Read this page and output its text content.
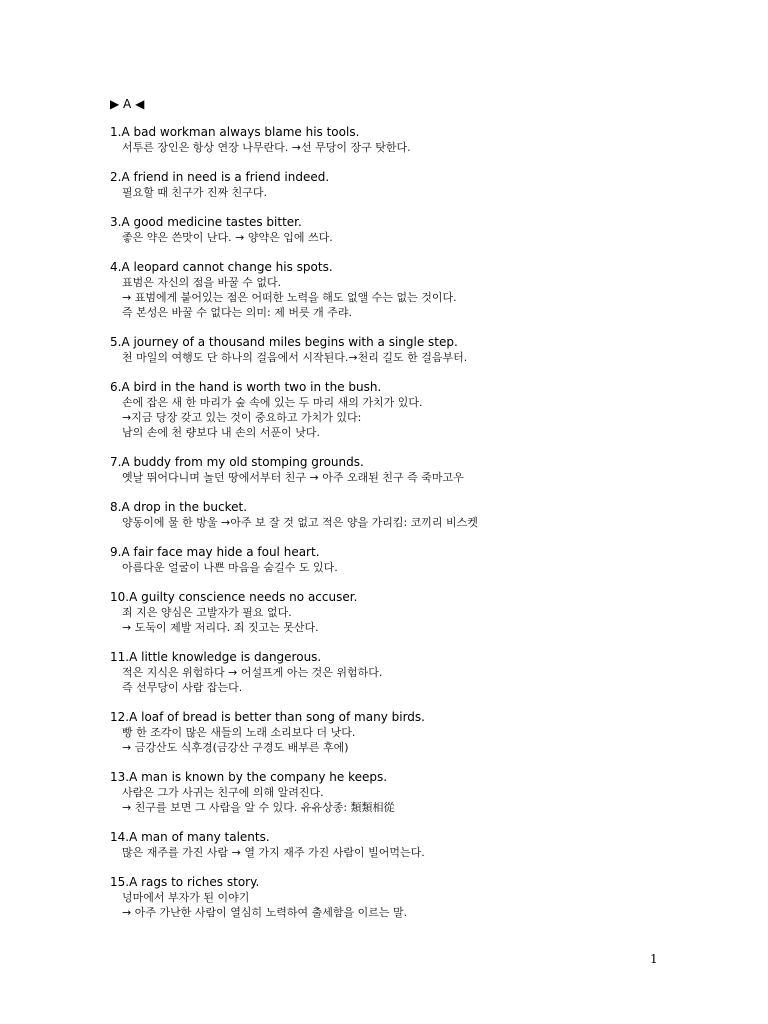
▶ A ◀
1.A bad workman always blame his tools.
서투른 장인은 항상 연장 나무란다. →선 무당이 장구 탓한다.
2.A friend in need is a friend indeed.
필요할 때 친구가 진짜 친구다.
3.A good medicine tastes bitter.
좋은 약은 쓴맛이 난다. → 양약은 입에 쓰다.
4.A leopard cannot change his spots.
표범은 자신의 점을 바꿀 수 없다.
→ 표범에게 붙어있는 점은 어떠한 노력을 해도 없앨 수는 없는 것이다.
즉 본성은 바꿀 수 없다는 의미: 제 버릇 개 주랴.
5.A journey of a thousand miles begins with a single step.
천 마일의 여행도 단 하나의 걸음에서 시작된다.→천리 길도 한 걸음부터.
6.A bird in the hand is worth two in the bush.
손에 잡은 새 한 마리가 숲 속에 있는 두 마리 새의 가치가 있다.
→지금 당장 갖고 있는 것이 중요하고 가치가 있다:
남의 손에 천 량보다 내 손의 서푼이 낫다.
7.A buddy from my old stomping grounds.
옛날 뛰어다니며 놀던 땅에서부터 친구 → 아주 오래된 친구 즉 죽마고우
8.A drop in the bucket.
양동이에 물 한 방울 →아주 보 잘 것 없고 적은 양을 가리킴: 코끼리 비스켓
9.A fair face may hide a foul heart.
아름다운 얼굴이 나쁜 마음을 숨길수 도 있다.
10.A guilty conscience needs no accuser.
죄 지은 양심은 고발자가 필요 없다.
→ 도둑이 제발 저리다. 죄 짓고는 못산다.
11.A little knowledge is dangerous.
적은 지식은 위험하다 → 어설프게 아는 것은 위험하다.
즉 선무당이 사람 잡는다.
12.A loaf of bread is better than song of many birds.
빵 한 조각이 많은 새들의 노래 소리보다 더 낫다.
→ 금강산도 식후경(금강산 구경도 배부른 후에)
13.A man is known by the company he keeps.
사람은 그가 사귀는 친구에 의해 알려진다.
→ 친구를 보면 그 사람을 알 수 있다. 유유상종: 類類相從
14.A man of many talents.
많은 재주를 가진 사람 → 열 가지 재주 가진 사람이 빌어먹는다.
15.A rags to riches story.
넝마에서 부자가 된 이야기
→ 아주 가난한 사람이 열심히 노력하여 출세함을 이르는 말.
1
